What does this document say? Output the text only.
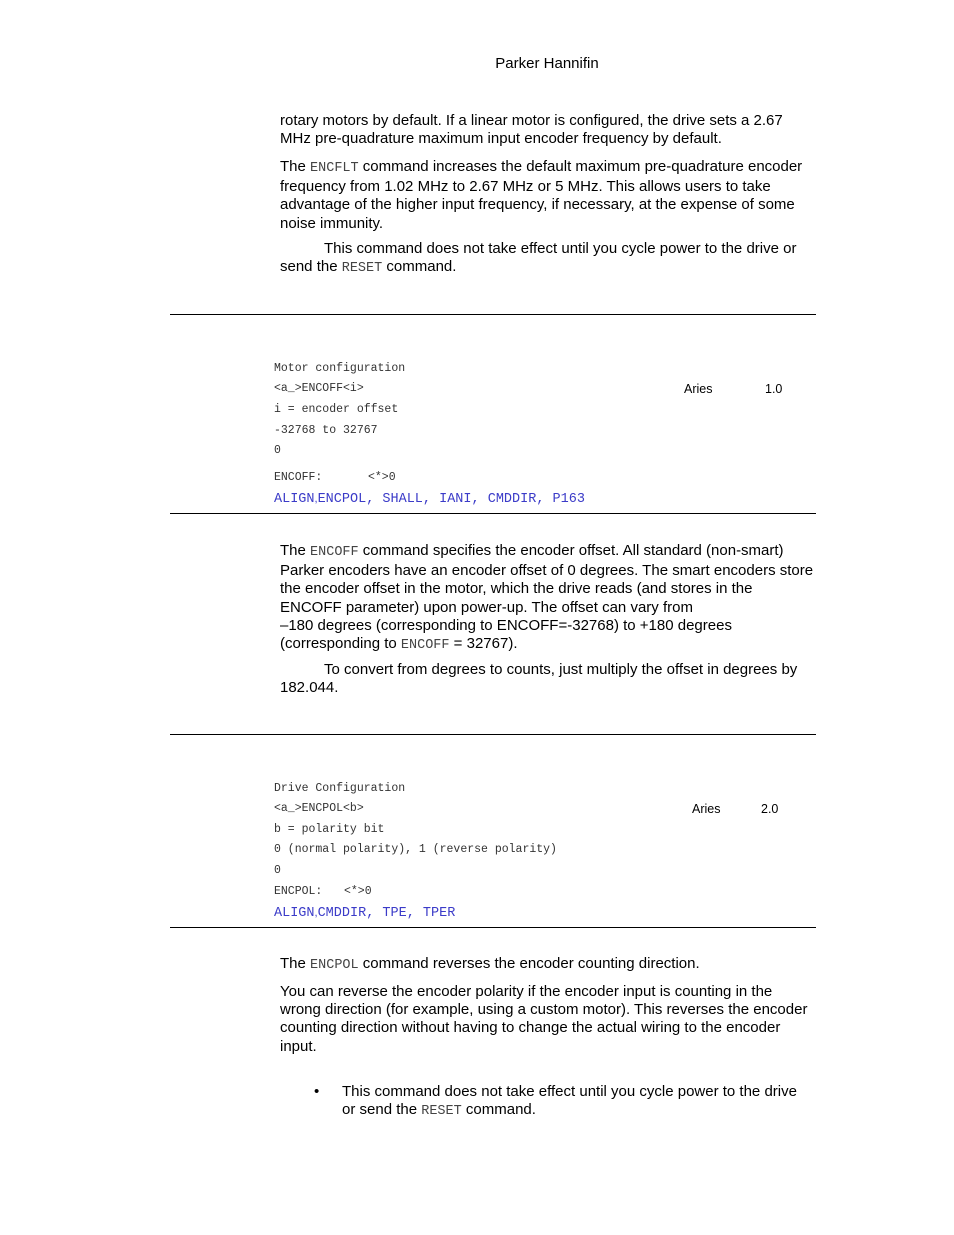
Parker Hannifin

rotary motors by default. If a linear motor is configured, the drive sets a 2.67 MHz pre-quadrature maximum input encoder frequency by default.

The ENCFLT command increases the default maximum pre-quadrature encoder frequency from 1.02 MHz to 2.67 MHz or 5 MHz. This allows users to take advantage of the higher input frequency, if necessary, at the expense of some noise immunity.

This command does not take effect until you cycle power to the drive or send the RESET command.

Motor configuration
<a_>ENCOFF<i>	Aries	1.0
i = encoder offset
-32768 to 32767
0
ENCOFF:	<*>0
ALIGN,ENCPOL, SHALL, IANI, CMDDIR, P163

The ENCOFF command specifies the encoder offset. All standard (non-smart) Parker encoders have an encoder offset of 0 degrees. The smart encoders store the encoder offset in the motor, which the drive reads (and stores in the ENCOFF parameter) upon power-up. The offset can vary from
–180 degrees (corresponding to ENCOFF=-32768) to +180 degrees
(corresponding to ENCOFF = 32767).

To convert from degrees to counts, just multiply the offset in degrees by 182.044.

Drive Configuration
<a_>ENCPOL<b>	Aries	2.0
b = polarity bit
0 (normal polarity), 1 (reverse polarity)
0
ENCPOL: <*>0
ALIGN,CMDDIR, TPE, TPER

The ENCPOL command reverses the encoder counting direction.

You can reverse the encoder polarity if the encoder input is counting in the wrong direction (for example, using a custom motor). This reverses the encoder counting direction without having to change the actual wiring to the encoder input.

• This command does not take effect until you cycle power to the drive or send the RESET command.
